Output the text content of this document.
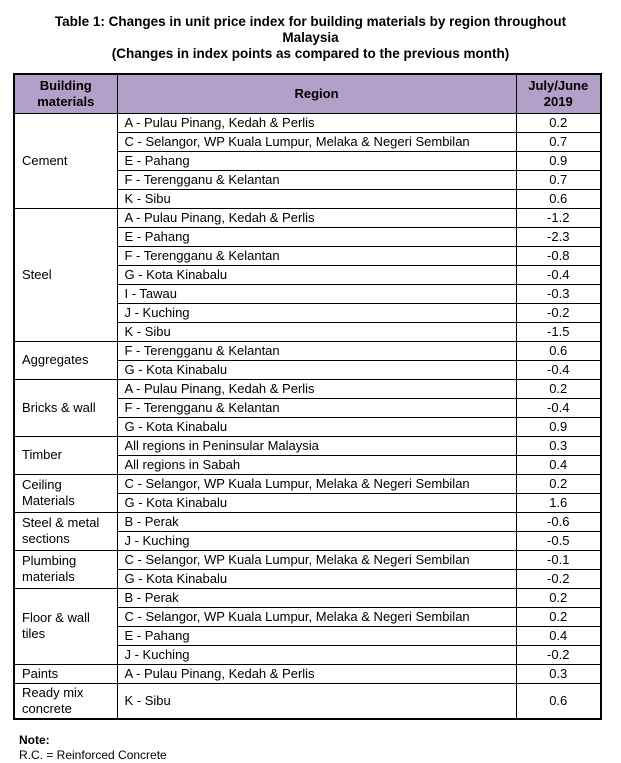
Table 1: Changes in unit price index for building materials by region throughout
Malaysia
(Changes in index points as compared to the previous month)
Building materials	Region	July/June 2019
Cement	A - Pulau Pinang, Kedah & Perlis	0.2
	C - Selangor, WP Kuala Lumpur, Melaka & Negeri Sembilan	0.7
	E - Pahang	0.9
	F - Terengganu & Kelantan	0.7
	K - Sibu	0.6
Steel	A - Pulau Pinang, Kedah & Perlis	-1.2
	E - Pahang	-2.3
	F - Terengganu & Kelantan	-0.8
	G - Kota Kinabalu	-0.4
	I - Tawau	-0.3
	J - Kuching	-0.2
	K - Sibu	-1.5
Aggregates	F - Terengganu & Kelantan	0.6
	G - Kota Kinabalu	-0.4
Bricks & wall	A - Pulau Pinang, Kedah & Perlis	0.2
	F - Terengganu & Kelantan	-0.4
	G - Kota Kinabalu	0.9
Timber	All regions in Peninsular Malaysia	0.3
	All regions in Sabah	0.4
Ceiling Materials	C - Selangor, WP Kuala Lumpur, Melaka & Negeri Sembilan	0.2
	G - Kota Kinabalu	1.6
Steel & metal sections	B - Perak	-0.6
	J - Kuching	-0.5
Plumbing materials	C - Selangor, WP Kuala Lumpur, Melaka & Negeri Sembilan	-0.1
	G - Kota Kinabalu	-0.2
Floor & wall tiles	B - Perak	0.2
	C - Selangor, WP Kuala Lumpur, Melaka & Negeri Sembilan	0.2
	E - Pahang	0.4
	J - Kuching	-0.2
Paints	A - Pulau Pinang, Kedah & Perlis	0.3
Ready mix concrete	K - Sibu	0.6
Note:
R.C. = Reinforced Concrete
